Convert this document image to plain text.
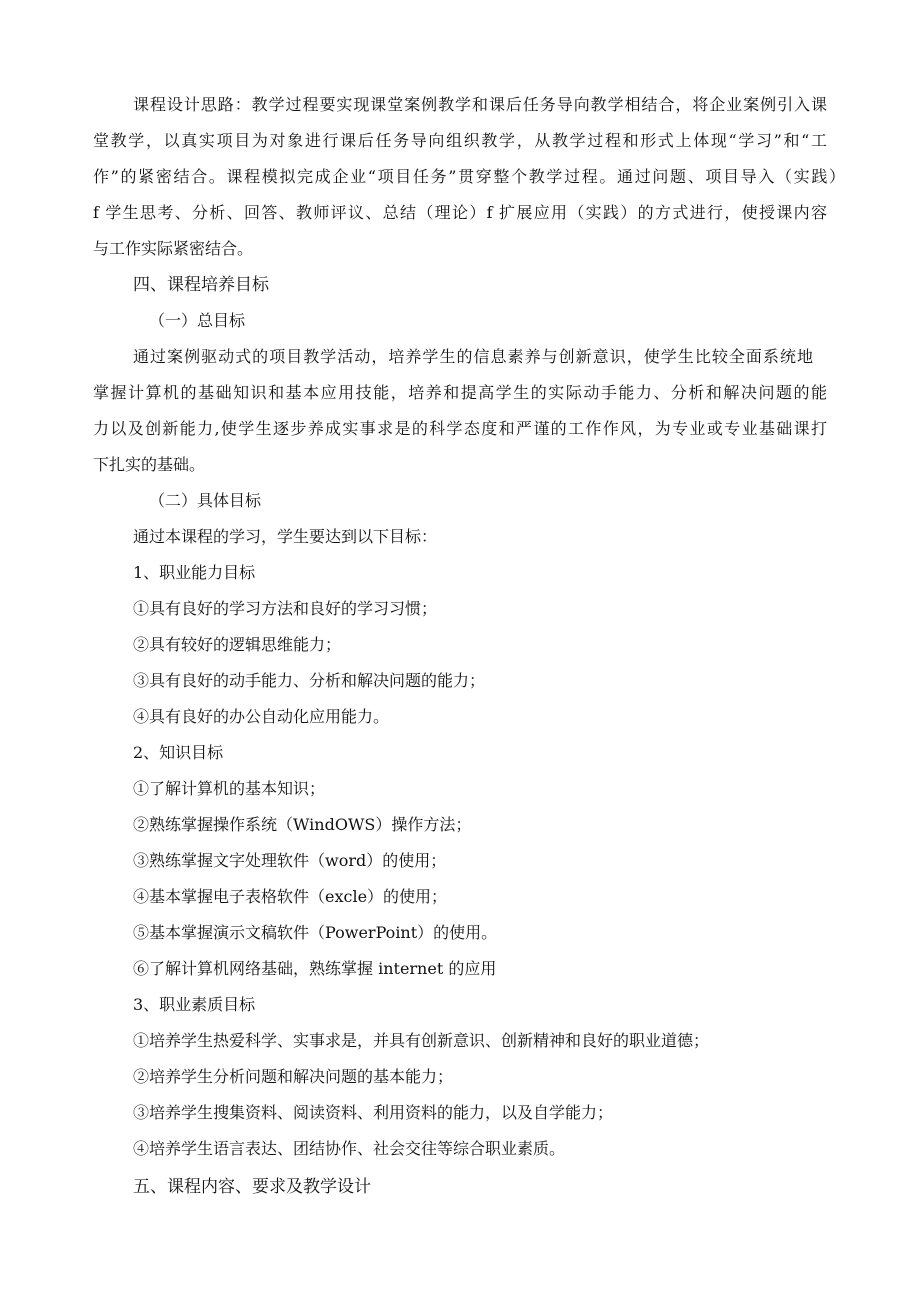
课程设计思路：教学过程要实现课堂案例教学和课后任务导向教学相结合，将企业案例引入课
堂教学，以真实项目为对象进行课后任务导向组织教学，从教学过程和形式上体现“学习”和“工
作”的紧密结合。课程模拟完成企业“项目任务”贯穿整个教学过程。通过问题、项目导入（实践）
f 学生思考、分析、回答、教师评议、总结（理论）f 扩展应用（实践）的方式进行，使授课内容
与工作实际紧密结合。
四、课程培养目标
（一）总目标
通过案例驱动式的项目教学活动，培养学生的信息素养与创新意识，使学生比较全面系统地
掌握计算机的基础知识和基本应用技能，培养和提高学生的实际动手能力、分析和解决问题的能
力以及创新能力,使学生逐步养成实事求是的科学态度和严谨的工作作风，为专业或专业基础课打
下扎实的基础。
（二）具体目标
通过本课程的学习，学生要达到以下目标：
1、职业能力目标
①具有良好的学习方法和良好的学习习惯；
②具有较好的逻辑思维能力；
③具有良好的动手能力、分析和解决问题的能力；
④具有良好的办公自动化应用能力。
2、知识目标
①了解计算机的基本知识；
②熟练掌握操作系统（WindOWS）操作方法；
③熟练掌握文字处理软件（word）的使用；
④基本掌握电子表格软件（excle）的使用；
⑤基本掌握演示文稿软件（PowerPoint）的使用。
⑥了解计算机网络基础，熟练掌握 internet 的应用
3、职业素质目标
①培养学生热爱科学、实事求是，并具有创新意识、创新精神和良好的职业道德；
②培养学生分析问题和解决问题的基本能力；
③培养学生搜集资料、阅读资料、利用资料的能力，以及自学能力；
④培养学生语言表达、团结协作、社会交往等综合职业素质。
五、课程内容、要求及教学设计
